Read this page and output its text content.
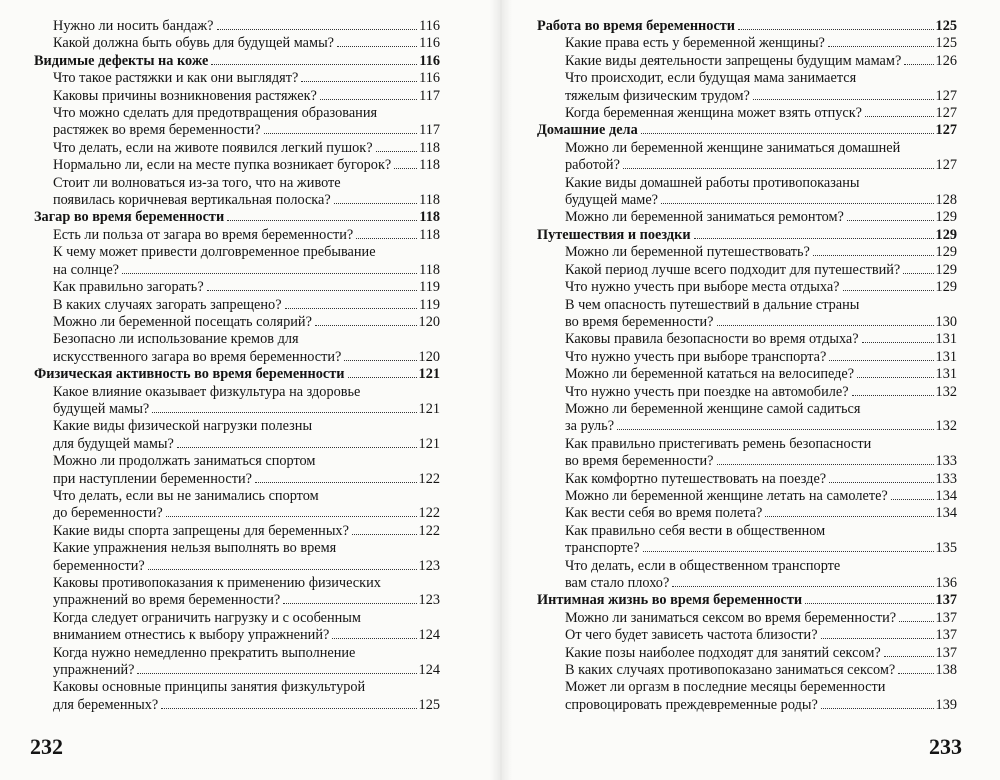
Нужно ли носить бандаж?	116
Какой должна быть обувь для будущей мамы?	116
Видимые дефекты на коже	116
Что такое растяжки и как они выглядят?	116
Каковы причины возникновения растяжек?	117
Что можно сделать для предотвращения образования
растяжек во время беременности?	117
Что делать, если на животе появился легкий пушок?	118
Нормально ли, если на месте пупка возникает бугорок? 118
Стоит ли волноваться из-за того, что на животе
появилась коричневая вертикальная полоска?	118
Загар во время беременности	118
Есть ли польза от загара во время беременности?	118
К чему может привести долговременное пребывание
на солнце?	118
Как правильно загорать?	119
В каких случаях загорать запрещено?	119
Можно ли беременной посещать солярий?	120
Безопасно ли использование кремов для
искусственного загара во время беременности?	120
Физическая активность во время беременности	121
Какое влияние оказывает физкультура на здоровье
будущей мамы?	121
Какие виды физической нагрузки полезны
для будущей мамы?	121
Можно ли продолжать заниматься спортом
при наступлении беременности?	122
Что делать, если вы не занимались спортом
до беременности?	122
Какие виды спорта запрещены для беременных?	122
Какие упражнения нельзя выполнять во время
беременности?	123
Каковы противопоказания к применению физических
упражнений во время беременности?	123
Когда следует ограничить нагрузку и с особенным
вниманием отнестись к выбору упражнений?	124
Когда нужно немедленно прекратить выполнение
упражнений?	124
Каковы основные принципы занятия физкультурой
для беременных?	125
232
Работа во время беременности	125
Какие права есть у беременной женщины?	125
Какие виды деятельности запрещены будущим мамам? 126
Что происходит, если будущая мама занимается
тяжелым физическим трудом?	127
Когда беременная женщина может взять отпуск?	127
Домашние дела	127
Можно ли беременной женщине заниматься домашней
работой?	127
Какие виды домашней работы противопоказаны
будущей маме?	128
Можно ли беременной заниматься ремонтом?	129
Путешествия и поездки	129
Можно ли беременной путешествовать?	129
Какой период лучше всего подходит для путешествий? 129
Что нужно учесть при выборе места отдыха?	129
В чем опасность путешествий в дальние страны
во время беременности?	130
Каковы правила безопасности во время отдыха?	131
Что нужно учесть при выборе транспорта?	131
Можно ли беременной кататься на велосипеде?	131
Что нужно учесть при поездке на автомобиле?	132
Можно ли беременной женщине самой садиться
за руль?	132
Как правильно пристегивать ремень безопасности
во время беременности?	133
Как комфортно путешествовать на поезде?	133
Можно ли беременной женщине летать на самолете?	134
Как вести себя во время полета?	134
Как правильно себя вести в общественном
транспорте?	135
Что делать, если в общественном транспорте
вам стало плохо?	136
Интимная жизнь во время беременности	137
Можно ли заниматься сексом во время беременности?	137
От чего будет зависеть частота близости?	137
Какие позы наиболее подходят для занятий сексом?	137
В каких случаях противопоказано заниматься сексом?	138
Может ли оргазм в последние месяцы беременности
спровоцировать преждевременные роды?	139
233
